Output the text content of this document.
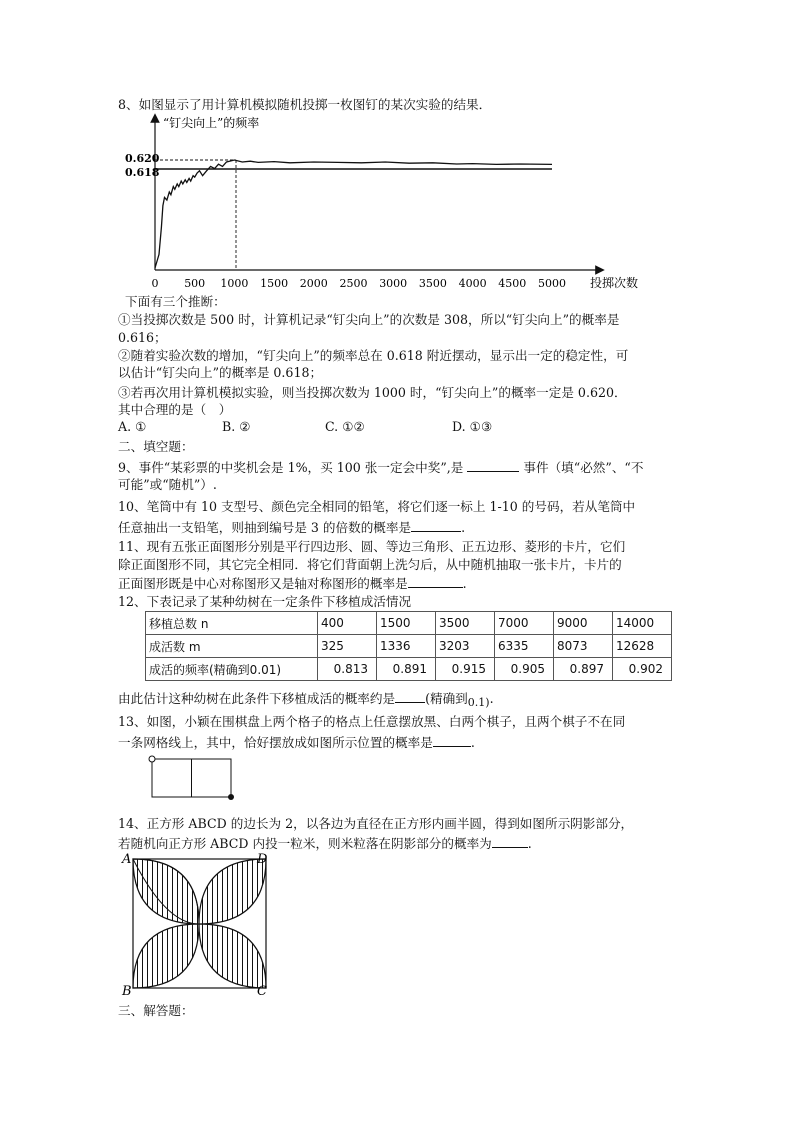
8、如图显示了用计算机模拟随机投掷一枚图钉的某次实验的结果．
“钉尖向上”的频率
0.620
0.618
0 500 1000 1500 2000 2500 3000 3500 4000 4500 5000 投掷次数
下面有三个推断：
①当投掷次数是 500 时，计算机记录“钉尖向上”的次数是 308，所以“钉尖向上”的概率是
0.616；
②随着实验次数的增加，“钉尖向上”的频率总在 0.618 附近摆动，显示出一定的稳定性，可
以估计“钉尖向上”的概率是 0.618；
③若再次用计算机模拟实验，则当投掷次数为 1000 时，“钉尖向上”的概率一定是 0.620．
其中合理的是（　）
A. ①	B. ②	C. ①②	D. ①③
二、填空题：
9、事件“某彩票的中奖机会是 1%，买 100 张一定会中奖”,是	事件（填“必然”、“不
可能”或“随机”）.
10、笔筒中有 10 支型号、颜色完全相同的铅笔，将它们逐一标上 1-10 的号码，若从笔筒中
任意抽出一支铅笔，则抽到编号是 3 的倍数的概率是	.
11、现有五张正面图形分别是平行四边形、圆、等边三角形、正五边形、菱形的卡片，它们
除正面图形不同，其它完全相同．将它们背面朝上洗匀后，从中随机抽取一张卡片，卡片的
正面图形既是中心对称图形又是轴对称图形的概率是	.
12、下表记录了某种幼树在一定条件下移植成活情况
移植总数 n	400	1500	3500	7000	9000	14000
成活数 m	325	1336	3203	6335	8073	12628
成活的频率(精确到0.01)	0.813	0.891	0.915	0.905	0.897	0.902
由此估计这种幼树在此条件下移植成活的概率约是 (精确到0.1).
13、如图，小颖在围棋盘上两个格子的格点上任意摆放黑、白两个棋子，且两个棋子不在同
一条网格线上，其中，恰好摆放成如图所示位置的概率是	.
14、正方形 ABCD 的边长为 2，以各边为直径在正方形内画半圆，得到如图所示阴影部分，
若随机向正方形 ABCD 内投一粒米，则米粒落在阴影部分的概率为	.
A	D
B	C
三、解答题：
